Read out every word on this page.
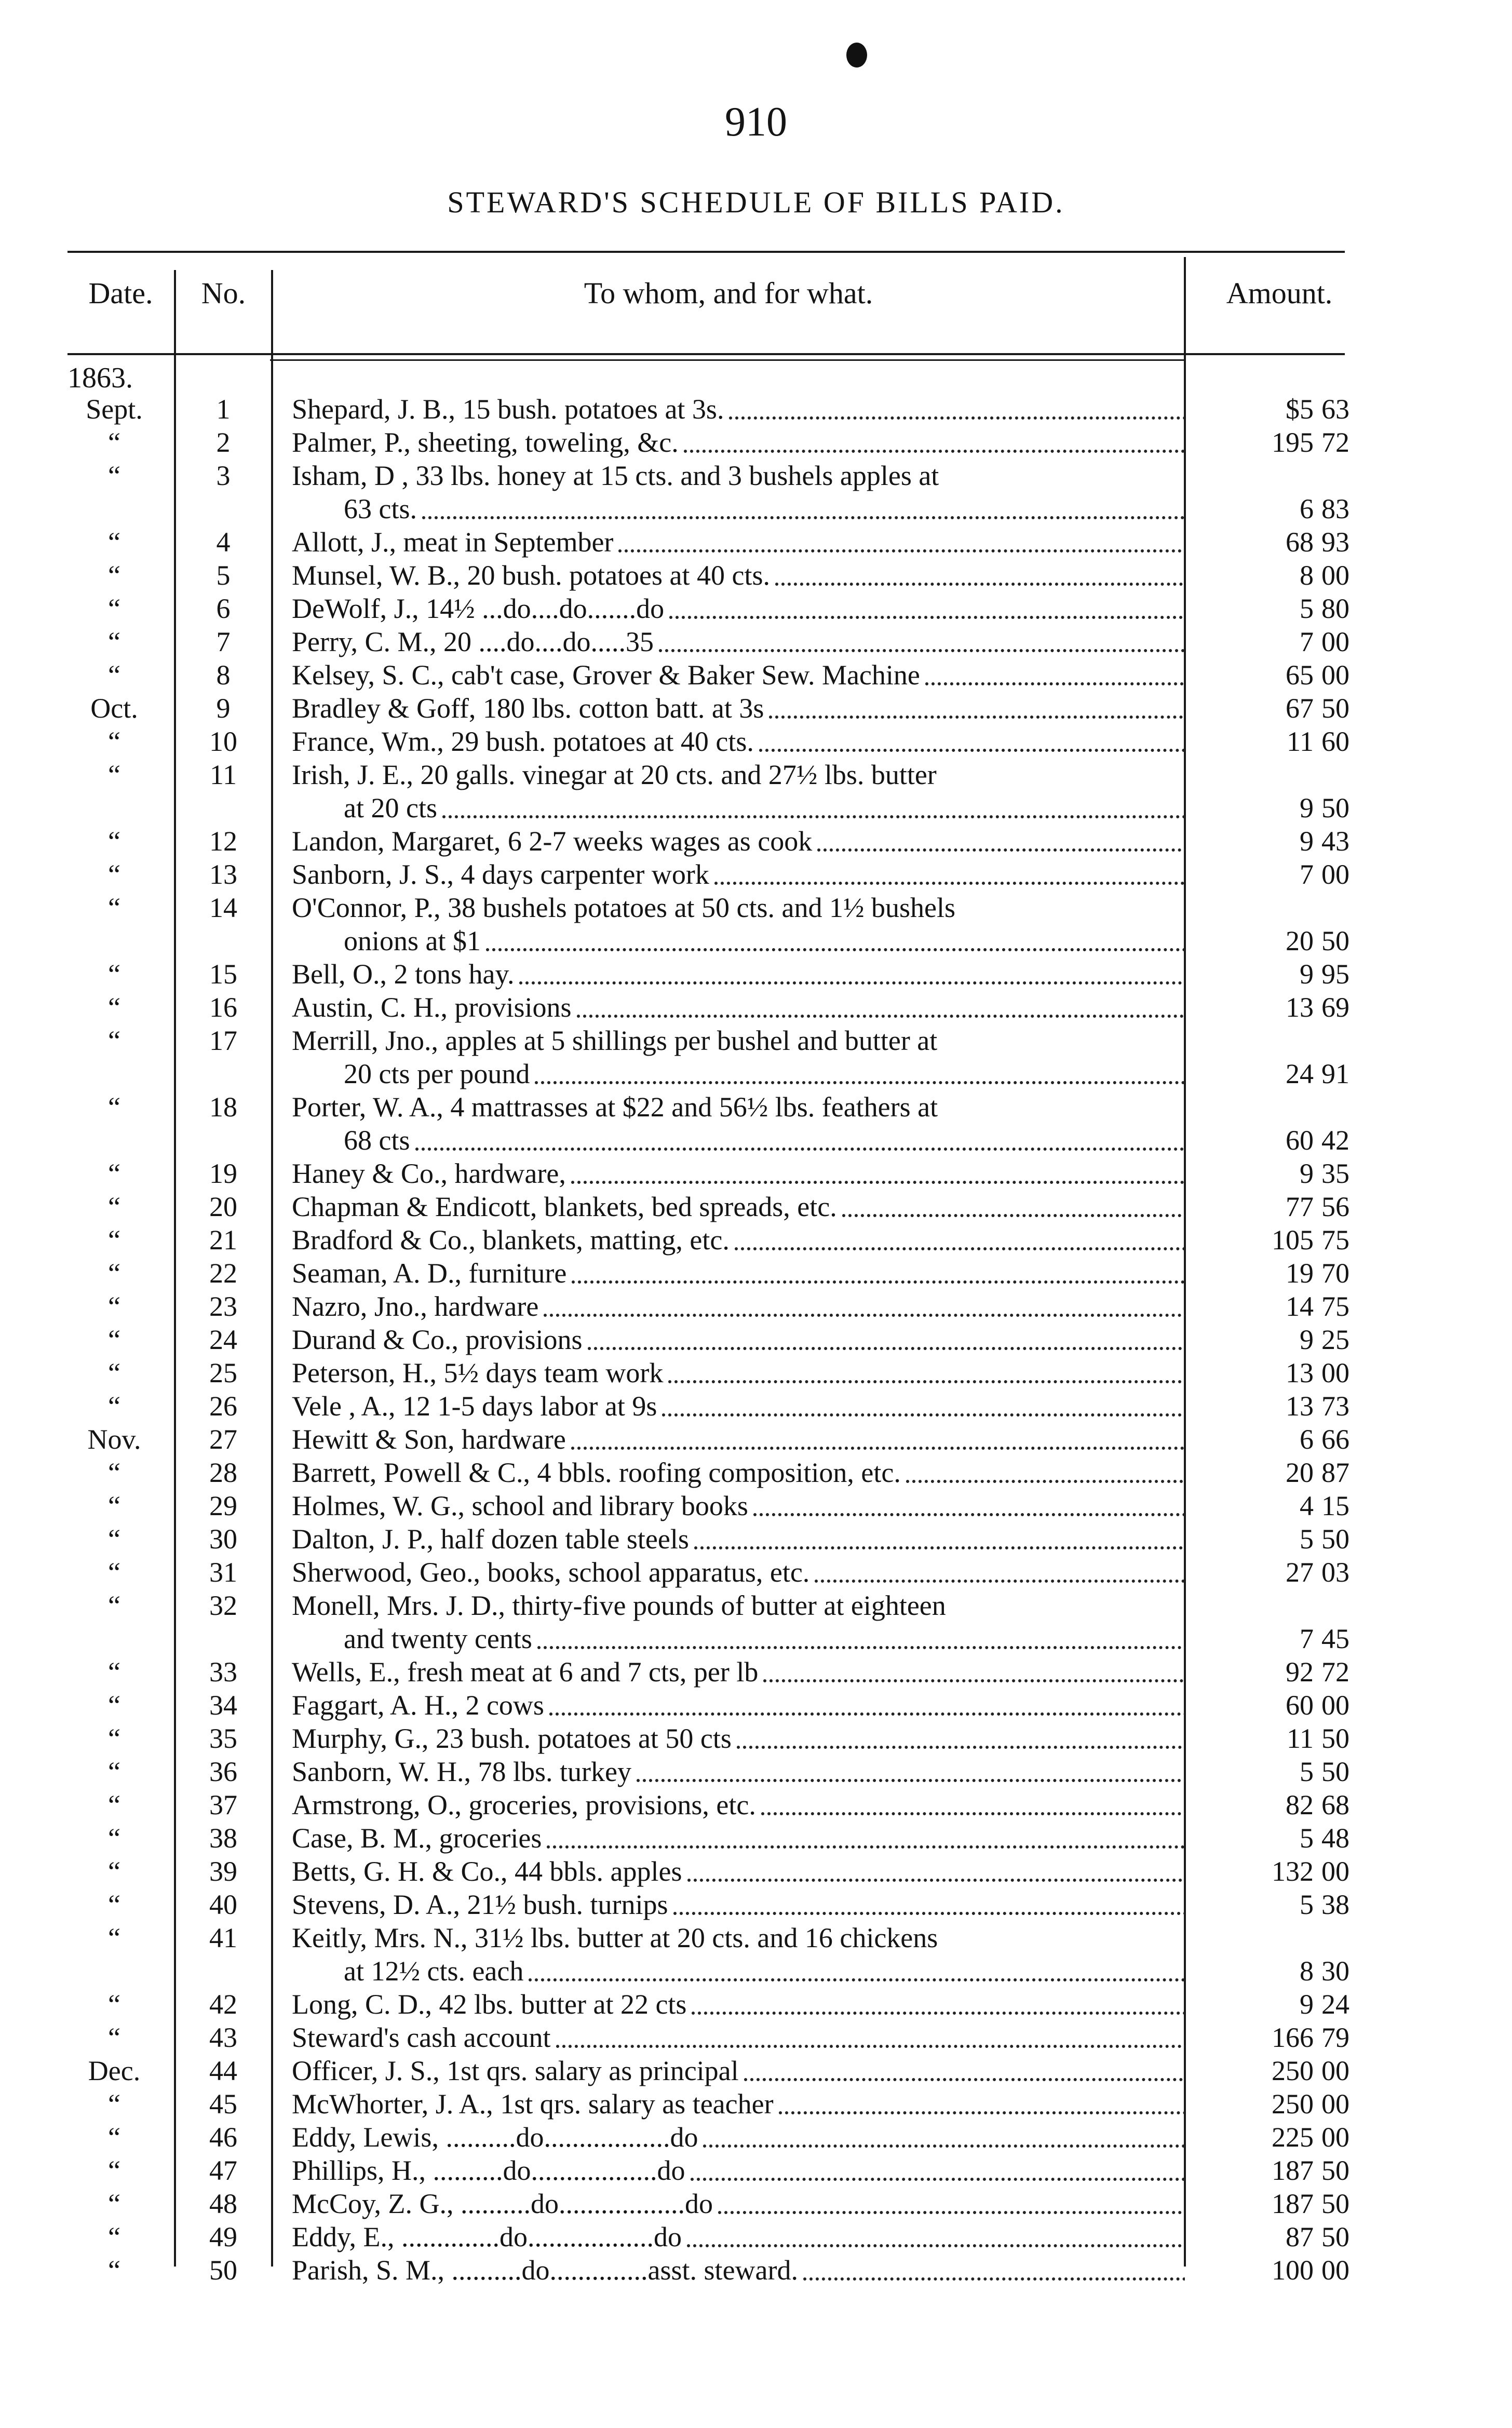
910
STEWARD'S SCHEDULE OF BILLS PAID.
Date.	No.	To whom, and for what.	Amount.
1863.
Sept.	1	Shepard, J. B., 15 bush. potatoes at 3s.	$5 63
“	2	Palmer, P., sheeting, toweling, &c.	195 72
“	3	Isham, D , 33 lbs. honey at 15 cts. and 3 bushels apples at
63 cts.	6 83
“	4	Allott, J., meat in September	68 93
“	5	Munsel, W. B., 20 bush. potatoes at 40 cts.	8 00
“	6	DeWolf, J., 14½ ...do....do.......do	5 80
“	7	Perry, C. M., 20 ....do....do.....35	7 00
“	8	Kelsey, S. C., cab't case, Grover & Baker Sew. Machine	65 00
Oct.	9	Bradley & Goff, 180 lbs. cotton batt. at 3s	67 50
“	10	France, Wm., 29 bush. potatoes at 40 cts.	11 60
“	11	Irish, J. E., 20 galls. vinegar at 20 cts. and 27½ lbs. butter
at 20 cts	9 50
“	12	Landon, Margaret, 6 2-7 weeks wages as cook	9 43
“	13	Sanborn, J. S., 4 days carpenter work	7 00
“	14	O'Connor, P., 38 bushels potatoes at 50 cts. and 1½ bushels
onions at $1	20 50
“	15	Bell, O., 2 tons hay.	9 95
“	16	Austin, C. H., provisions	13 69
“	17	Merrill, Jno., apples at 5 shillings per bushel and butter at
20 cts per pound	24 91
“	18	Porter, W. A., 4 mattrasses at $22 and 56½ lbs. feathers at
68 cts	60 42
“	19	Haney & Co., hardware,	9 35
“	20	Chapman & Endicott, blankets, bed spreads, etc.	77 56
“	21	Bradford & Co., blankets, matting, etc.	105 75
“	22	Seaman, A. D., furniture	19 70
“	23	Nazro, Jno., hardware	14 75
“	24	Durand & Co., provisions	9 25
“	25	Peterson, H., 5½ days team work	13 00
“	26	Vele , A., 12 1-5 days labor at 9s	13 73
Nov.	27	Hewitt & Son, hardware	6 66
“	28	Barrett, Powell & C., 4 bbls. roofing composition, etc.	20 87
“	29	Holmes, W. G., school and library books	4 15
“	30	Dalton, J. P., half dozen table steels	5 50
“	31	Sherwood, Geo., books, school apparatus, etc.	27 03
“	32	Monell, Mrs. J. D., thirty-five pounds of butter at eighteen
and twenty cents	7 45
“	33	Wells, E., fresh meat at 6 and 7 cts, per lb	92 72
“	34	Faggart, A. H., 2 cows	60 00
“	35	Murphy, G., 23 bush. potatoes at 50 cts	11 50
“	36	Sanborn, W. H., 78 lbs. turkey	5 50
“	37	Armstrong, O., groceries, provisions, etc.	82 68
“	38	Case, B. M., groceries	5 48
“	39	Betts, G. H. & Co., 44 bbls. apples	132 00
“	40	Stevens, D. A., 21½ bush. turnips	5 38
“	41	Keitly, Mrs. N., 31½ lbs. butter at 20 cts. and 16 chickens
at 12½ cts. each	8 30
“	42	Long, C. D., 42 lbs. butter at 22 cts	9 24
“	43	Steward's cash account	166 79
Dec.	44	Officer, J. S., 1st qrs. salary as principal	250 00
“	45	McWhorter, J. A., 1st qrs. salary as teacher	250 00
“	46	Eddy, Lewis, ..........do..................do	225 00
“	47	Phillips, H., ..........do..................do	187 50
“	48	McCoy, Z. G., ..........do..................do	187 50
“	49	Eddy, E., ..............do..................do	87 50
“	50	Parish, S. M., ..........do..............asst. steward.	100 00
